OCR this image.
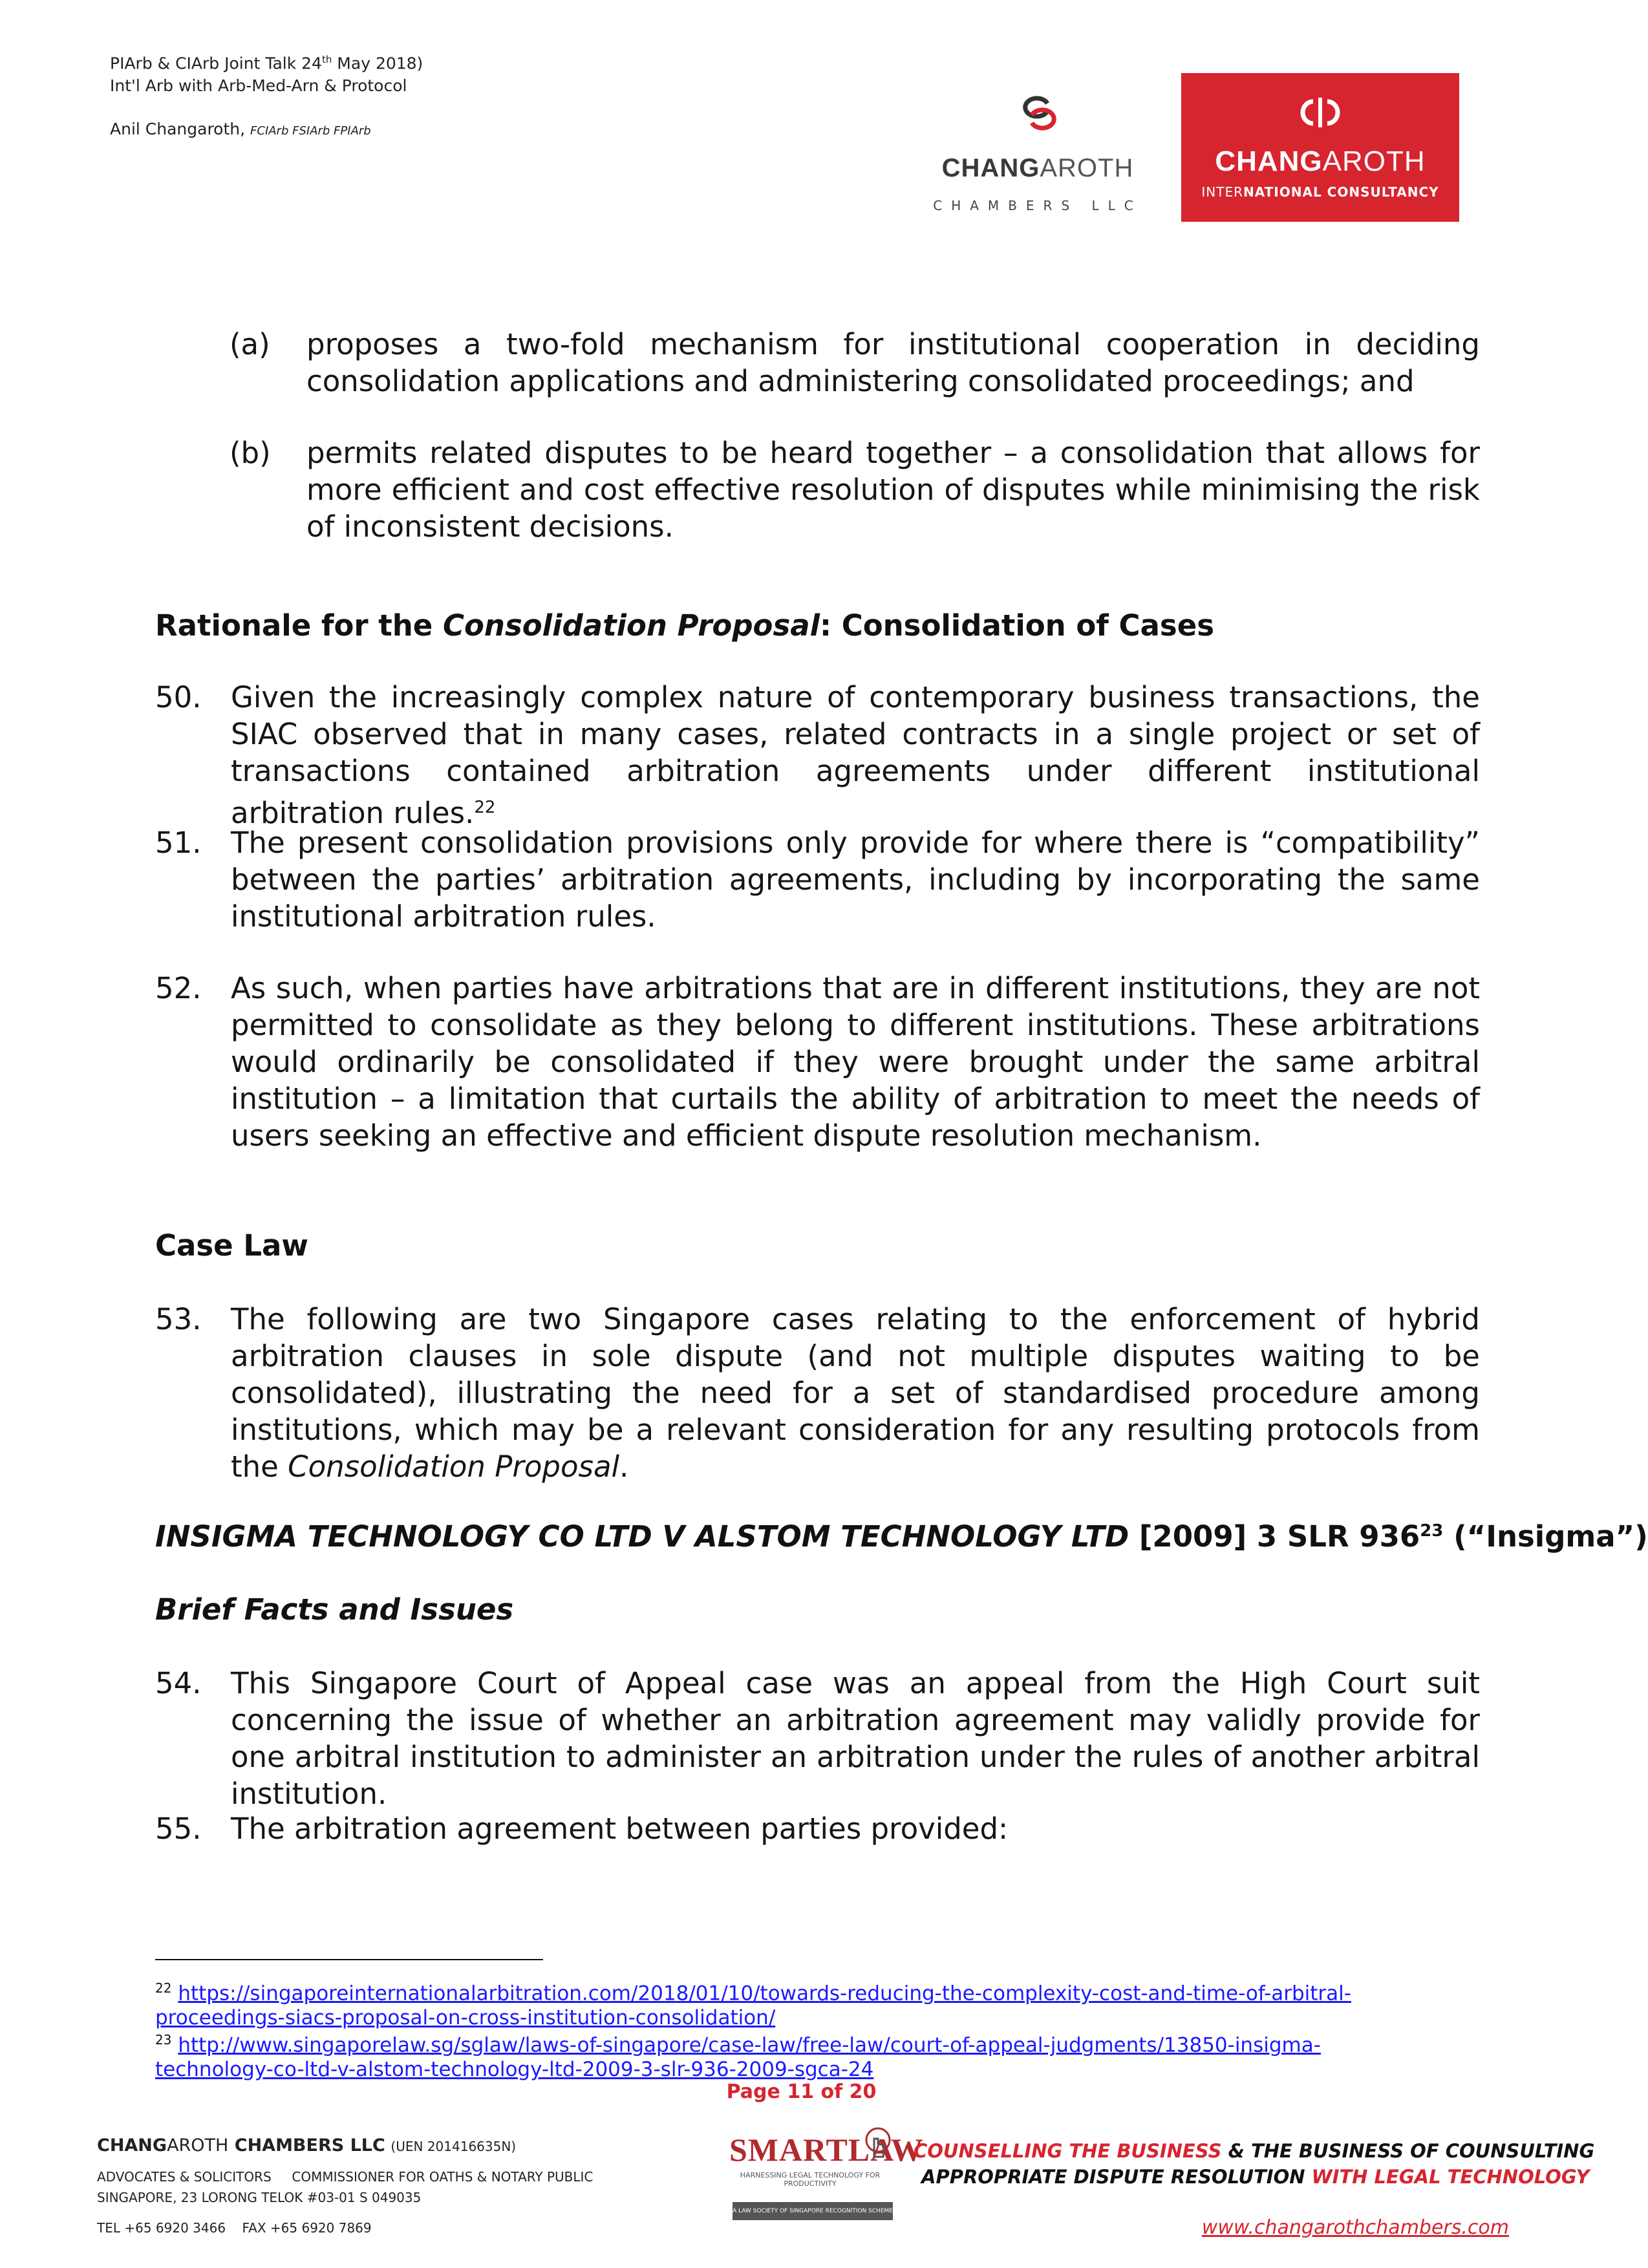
PIArb & CIArb Joint Talk 24th May 2018)
Int'l Arb with Arb-Med-Arn & Protocol
Anil Changaroth, FCIArb FSIArb FPIArb
CHANGAROTH
CHAMBERS LLC
CHANGAROTH
INTERNATIONAL CONSULTANCY
(a) proposes a two-fold mechanism for institutional cooperation in deciding consolidation applications and administering consolidated proceedings; and
(b) permits related disputes to be heard together – a consolidation that allows for more efficient and cost effective resolution of disputes while minimising the risk of inconsistent decisions.
Rationale for the Consolidation Proposal: Consolidation of Cases
50. Given the increasingly complex nature of contemporary business transactions, the SIAC observed that in many cases, related contracts in a single project or set of transactions contained arbitration agreements under different institutional arbitration rules.$^{22}$
51. The present consolidation provisions only provide for where there is “compatibility” between the parties’ arbitration agreements, including by incorporating the same institutional arbitration rules.
52. As such, when parties have arbitrations that are in different institutions, they are not permitted to consolidate as they belong to different institutions. These arbitrations would ordinarily be consolidated if they were brought under the same arbitral institution – a limitation that curtails the ability of arbitration to meet the needs of users seeking an effective and efficient dispute resolution mechanism.
Case Law
53. The following are two Singapore cases relating to the enforcement of hybrid arbitration clauses in sole dispute (and not multiple disputes waiting to be consolidated), illustrating the need for a set of standardised procedure among institutions, which may be a relevant consideration for any resulting protocols from the Consolidation Proposal.
INSIGMA TECHNOLOGY CO LTD V ALSTOM TECHNOLOGY LTD [2009] 3 SLR $936^{23}$ (“Insigma”)
Brief Facts and Issues
54. This Singapore Court of Appeal case was an appeal from the High Court suit concerning the issue of whether an arbitration agreement may validly provide for one arbitral institution to administer an arbitration under the rules of another arbitral institution.
55. The arbitration agreement between parties provided:
$^{22}$ https://singaporeinternationalarbitration.com/2018/01/10/towards-reducing-the-complexity-cost-and-time-of-arbitral-
proceedings-siacs-proposal-on-cross-institution-consolidation/
$^{23}$ http://www.singaporelaw.sg/sglaw/laws-of-singapore/case-law/free-law/court-of-appeal-judgments/13850-insigma-
technology-co-ltd-v-alstom-technology-ltd-2009-3-slr-936-2009-sgca-24
Page 11 of 20
CHANGAROTH CHAMBERS LLC (UEN 201416635N)
ADVOCATES & SOLICITORS     COMMISSIONER FOR OATHS & NOTARY PUBLIC
SINGAPORE, 23 LORONG TELOK #03-01 S 049035
TEL +65 6920 3466    FAX +65 6920 7869
SMARTLAW
HARNESSING LEGAL TECHNOLOGY FOR PRODUCTIVITY
A LAW SOCIETY OF SINGAPORE RECOGNITION SCHEME
COUNSELLING THE BUSINESS & THE BUSINESS OF COUNSULTING
APPROPRIATE DISPUTE RESOLUTION WITH LEGAL TECHNOLOGY
www.changarothchambers.com
